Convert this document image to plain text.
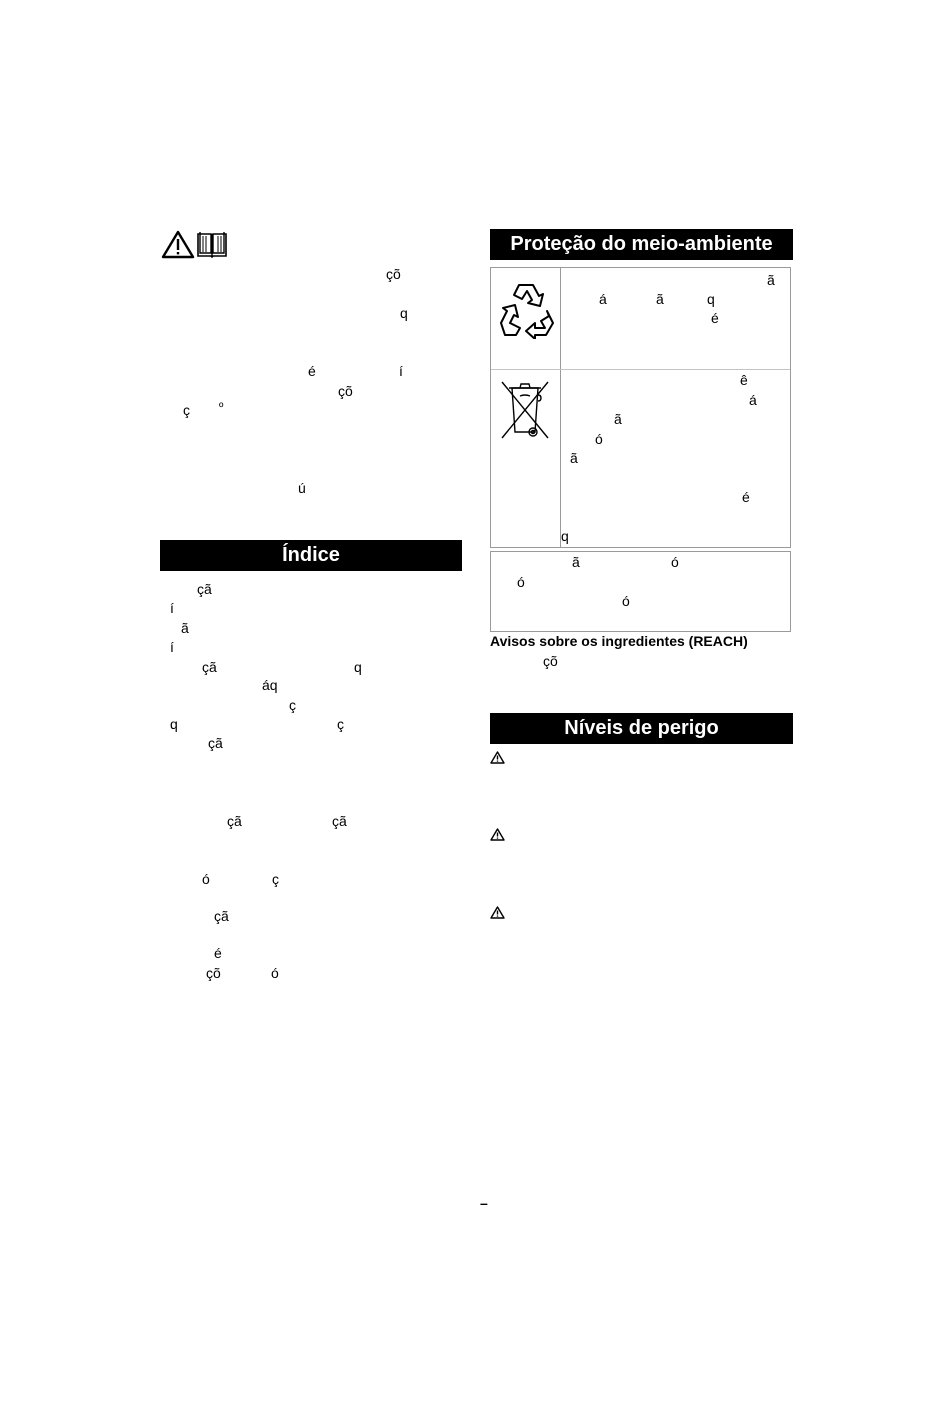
çõ
q
é	í
çõ
ç º
ú
Índice
çã
í
ã
í
çã	q
áq
ç
q	ç
çã
çã	çã
ó	ç
çã
é
çõ	ó
Proteção do meio-ambiente
ã
á	ã	q
é
ê
á
ã
ó
ã
é
q
ã	ó
ó
ó
Avisos sobre os ingredientes (REACH)
çõ
Níveis de perigo
–
